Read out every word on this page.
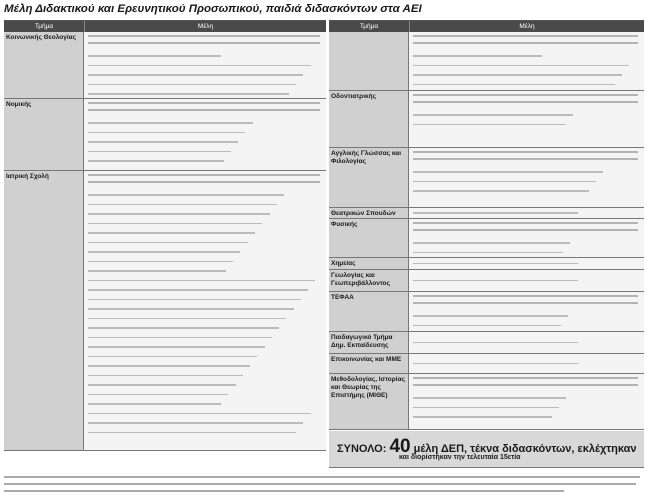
Μέλη Διδακτικού και Ερευνητικού Προσωπικού, παιδιά διδασκόντων στα ΑΕΙ
Τμήμα	Μέλη
Κοινωνικής Θεολογίας
Νομικής
Ιατρική Σχολή
Τμήμα	Μέλη
Οδοντιατρικής
Αγγλικής Γλώσσας και Φιλολογίας
Θεατρικών Σπουδών
Φυσικής
Χημείας
Γεωλογίας και Γεωπεριβάλλοντος
ΤΕΦΑΑ
Παιδαγωγικό Τμήμα Δημ. Εκπαίδευσης
Επικοινωνίας και ΜΜΕ
Μεθοδολογίας, Ιστορίας και Θεωρίας της Επιστήμης (ΜΙΘΕ)
ΣΥΝΟΛΟ: 40 μέλη ΔΕΠ, τέκνα διδασκόντων, εκλέχτηκαν
και διορίστηκαν την τελευταία 15ετία
